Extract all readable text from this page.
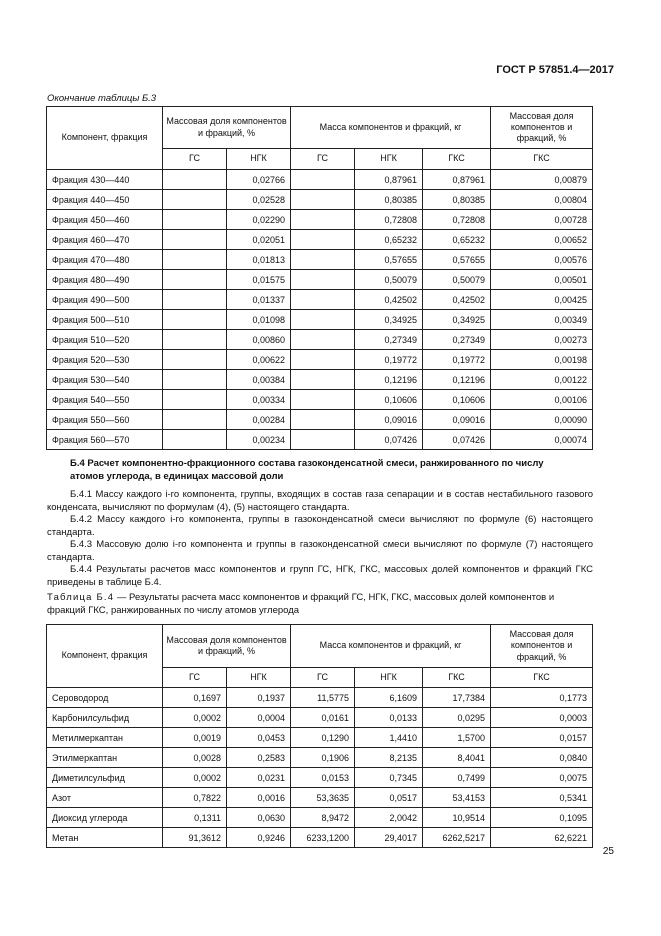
ГОСТ Р 57851.4—2017
Окончание таблицы Б.3
Компонент, фракция	Массовая доля компонентов и фракций, %		Масса компонентов и фракций, кг			Массовая доля компонентов и фракций, %
	ГС	НГК	ГС	НГК	ГКС	ГКС
Фракция 430—440		0,02766		0,87961	0,87961	0,00879
Фракция 440—450		0,02528		0,80385	0,80385	0,00804
Фракция 450—460		0,02290		0,72808	0,72808	0,00728
Фракция 460—470		0,02051		0,65232	0,65232	0,00652
Фракция 470—480		0,01813		0,57655	0,57655	0,00576
Фракция 480—490		0,01575		0,50079	0,50079	0,00501
Фракция 490—500		0,01337		0,42502	0,42502	0,00425
Фракция 500—510		0,01098		0,34925	0,34925	0,00349
Фракция 510—520		0,00860		0,27349	0,27349	0,00273
Фракция 520—530		0,00622		0,19772	0,19772	0,00198
Фракция 530—540		0,00384		0,12196	0,12196	0,00122
Фракция 540—550		0,00334		0,10606	0,10606	0,00106
Фракция 550—560		0,00284		0,09016	0,09016	0,00090
Фракция 560—570		0,00234		0,07426	0,07426	0,00074
Б.4 Расчет компонентно-фракционного состава газоконденсатной смеси, ранжированного по числу атомов углерода, в единицах массовой доли
Б.4.1 Массу каждого i-го компонента, группы, входящих в состав газа сепарации и в состав нестабильного газового конденсата, вычисляют по формулам (4), (5) настоящего стандарта.
Б.4.2 Массу каждого i-го компонента, группы в газоконденсатной смеси вычисляют по формуле (6) настоящего стандарта.
Б.4.3 Массовую долю i-го компонента и группы в газоконденсатной смеси вычисляют по формуле (7) настоящего стандарта.
Б.4.4 Результаты расчетов масс компонентов и групп ГС, НГК, ГКС, массовых долей компонентов и фракций ГКС приведены в таблице Б.4.
Таблица Б.4 — Результаты расчета масс компонентов и фракций ГС, НГК, ГКС, массовых долей компонентов и фракций ГКС, ранжированных по числу атомов углерода
Компонент, фракция	Массовая доля компонентов и фракций, %		Масса компонентов и фракций, кг			Массовая доля компонентов и фракций, %
	ГС	НГК	ГС	НГК	ГКС	ГКС
Сероводород	0,1697	0,1937	11,5775	6,1609	17,7384	0,1773
Карбонилсульфид	0,0002	0,0004	0,0161	0,0133	0,0295	0,0003
Метилмеркаптан	0,0019	0,0453	0,1290	1,4410	1,5700	0,0157
Этилмеркаптан	0,0028	0,2583	0,1906	8,2135	8,4041	0,0840
Диметилсульфид	0,0002	0,0231	0,0153	0,7345	0,7499	0,0075
Азот	0,7822	0,0016	53,3635	0,0517	53,4153	0,5341
Диоксид углерода	0,1311	0,0630	8,9472	2,0042	10,9514	0,1095
Метан	91,3612	0,9246	6233,1200	29,4017	6262,5217	62,6221
25
